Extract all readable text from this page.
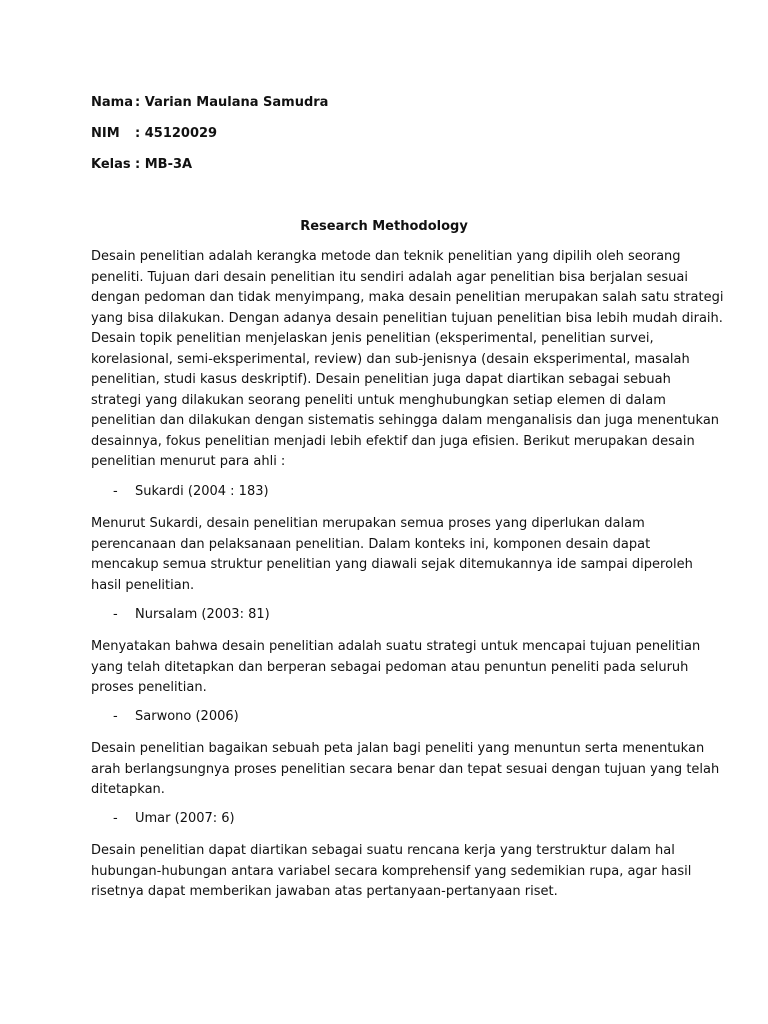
Nama : Varian Maulana Samudra
NIM : 45120029
Kelas : MB-3A
Research Methodology

Desain penelitian adalah kerangka metode dan teknik penelitian yang dipilih oleh seorang
peneliti. Tujuan dari desain penelitian itu sendiri adalah agar penelitian bisa berjalan sesuai
dengan pedoman dan tidak menyimpang, maka desain penelitian merupakan salah satu strategi
yang bisa dilakukan. Dengan adanya desain penelitian tujuan penelitian bisa lebih mudah diraih.
Desain topik penelitian menjelaskan jenis penelitian (eksperimental, penelitian survei,
korelasional, semi-eksperimental, review) dan sub-jenisnya (desain eksperimental, masalah
penelitian, studi kasus deskriptif). Desain penelitian juga dapat diartikan sebagai sebuah
strategi yang dilakukan seorang peneliti untuk menghubungkan setiap elemen di dalam
penelitian dan dilakukan dengan sistematis sehingga dalam menganalisis dan juga menentukan
desainnya, fokus penelitian menjadi lebih efektif dan juga efisien. Berikut merupakan desain
penelitian menurut para ahli :

- Sukardi (2004 : 183)

Menurut Sukardi, desain penelitian merupakan semua proses yang diperlukan dalam
perencanaan dan pelaksanaan penelitian. Dalam konteks ini, komponen desain dapat
mencakup semua struktur penelitian yang diawali sejak ditemukannya ide sampai diperoleh
hasil penelitian.

- Nursalam (2003: 81)

Menyatakan bahwa desain penelitian adalah suatu strategi untuk mencapai tujuan penelitian
yang telah ditetapkan dan berperan sebagai pedoman atau penuntun peneliti pada seluruh
proses penelitian.

- Sarwono (2006)

Desain penelitian bagaikan sebuah peta jalan bagi peneliti yang menuntun serta menentukan
arah berlangsungnya proses penelitian secara benar dan tepat sesuai dengan tujuan yang telah
ditetapkan.

- Umar (2007: 6)

Desain penelitian dapat diartikan sebagai suatu rencana kerja yang terstruktur dalam hal
hubungan-hubungan antara variabel secara komprehensif yang sedemikian rupa, agar hasil
risetnya dapat memberikan jawaban atas pertanyaan-pertanyaan riset.
